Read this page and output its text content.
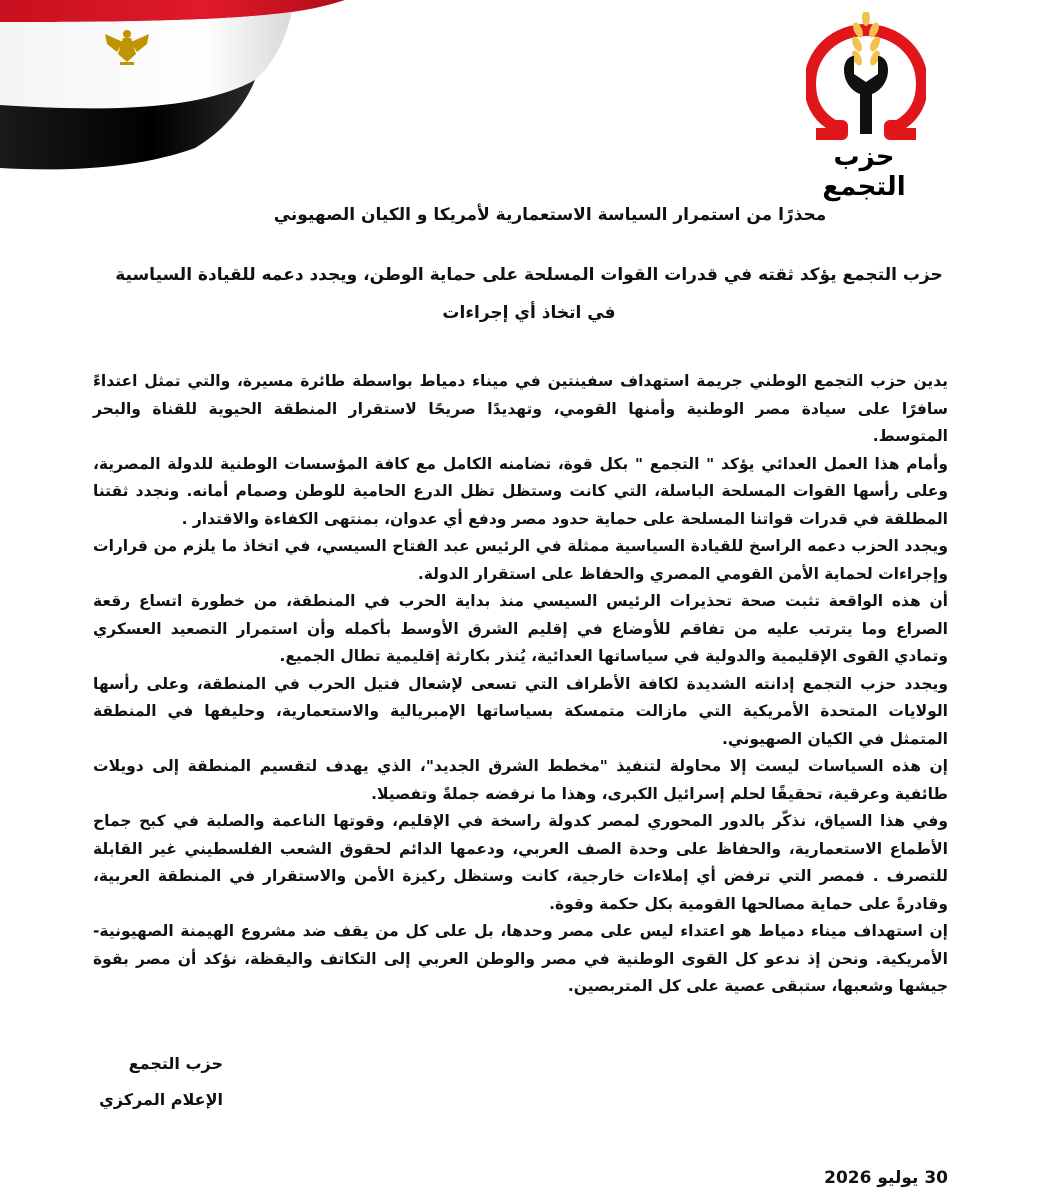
حزب التجمع
محذرًا من استمرار السياسة الاستعمارية لأمريكا و الكيان الصهيوني
حزب التجمع يؤكد ثقته في قدرات القوات المسلحة على حماية الوطن، ويجدد دعمه للقيادة السياسية في اتخاذ أي إجراءات

يدين حزب التجمع الوطني جريمة استهداف سفينتين في ميناء دمياط بواسطة طائرة مسيرة، والتي تمثل اعتداءً سافرًا على سيادة مصر الوطنية وأمنها القومي، وتهديدًا صريحًا لاستقرار المنطقة الحيوية للقناة والبحر المتوسط.

وأمام هذا العمل العدائي يؤكد " التجمع " بكل قوة، تضامنه الكامل مع كافة المؤسسات الوطنية للدولة المصرية، وعلى رأسها القوات المسلحة الباسلة، التي كانت وستظل تظل الدرع الحامية للوطن وصمام أمانه. ونجدد ثقتنا المطلقة في قدرات قواتنا المسلحة على حماية حدود مصر ودفع أي عدوان، بمنتهى الكفاءة والاقتدار .

ويجدد الحزب دعمه الراسخ للقيادة السياسية ممثلة في الرئيس عبد الفتاح السيسي، في اتخاذ ما يلزم من قرارات وإجراءات لحماية الأمن القومي المصري والحفاظ على استقرار الدولة.

أن هذه الواقعة تثبت صحة تحذيرات الرئيس السيسي منذ بداية الحرب في المنطقة، من خطورة اتساع رقعة الصراع وما يترتب عليه من تفاقم للأوضاع في إقليم الشرق الأوسط بأكمله وأن استمرار التصعيد العسكري وتمادي القوى الإقليمية والدولية في سياساتها العدائية، يُنذر بكارثة إقليمية تطال الجميع.

ويجدد حزب التجمع إدانته الشديدة لكافة الأطراف التي تسعى لإشعال فتيل الحرب في المنطقة، وعلى رأسها الولايات المتحدة الأمريكية التي مازالت متمسكة بسياساتها الإمبريالية والاستعمارية، وحليفها في المنطقة المتمثل في الكيان الصهيوني.

إن هذه السياسات ليست إلا محاولة لتنفيذ "مخطط الشرق الجديد"، الذي يهدف لتقسيم المنطقة إلى دويلات طائفية وعرقية، تحقيقًا لحلم إسرائيل الكبرى، وهذا ما نرفضه جملةً وتفصيلا.

وفي هذا السياق، نذكّر بالدور المحوري لمصر كدولة راسخة في الإقليم، وقوتها الناعمة والصلبة في كبح جماح الأطماع الاستعمارية، والحفاظ على وحدة الصف العربي، ودعمها الدائم لحقوق الشعب الفلسطيني غير القابلة للتصرف . فمصر التي ترفض أي إملاءات خارجية، كانت وستظل ركيزة الأمن والاستقرار في المنطقة العربية، وقادرةً على حماية مصالحها القومية بكل حكمة وقوة.

إن استهداف ميناء دمياط هو اعتداء ليس على مصر وحدها، بل على كل من يقف ضد مشروع الهيمنة الصهيونية-الأمريكية. ونحن إذ ندعو كل القوى الوطنية في مصر والوطن العربي إلى التكاتف واليقظة، نؤكد أن مصر بقوة جيشها وشعبها، ستبقى عصية على كل المتربصين.

حزب التجمع
الإعلام المركزي
30 يوليو 2026
